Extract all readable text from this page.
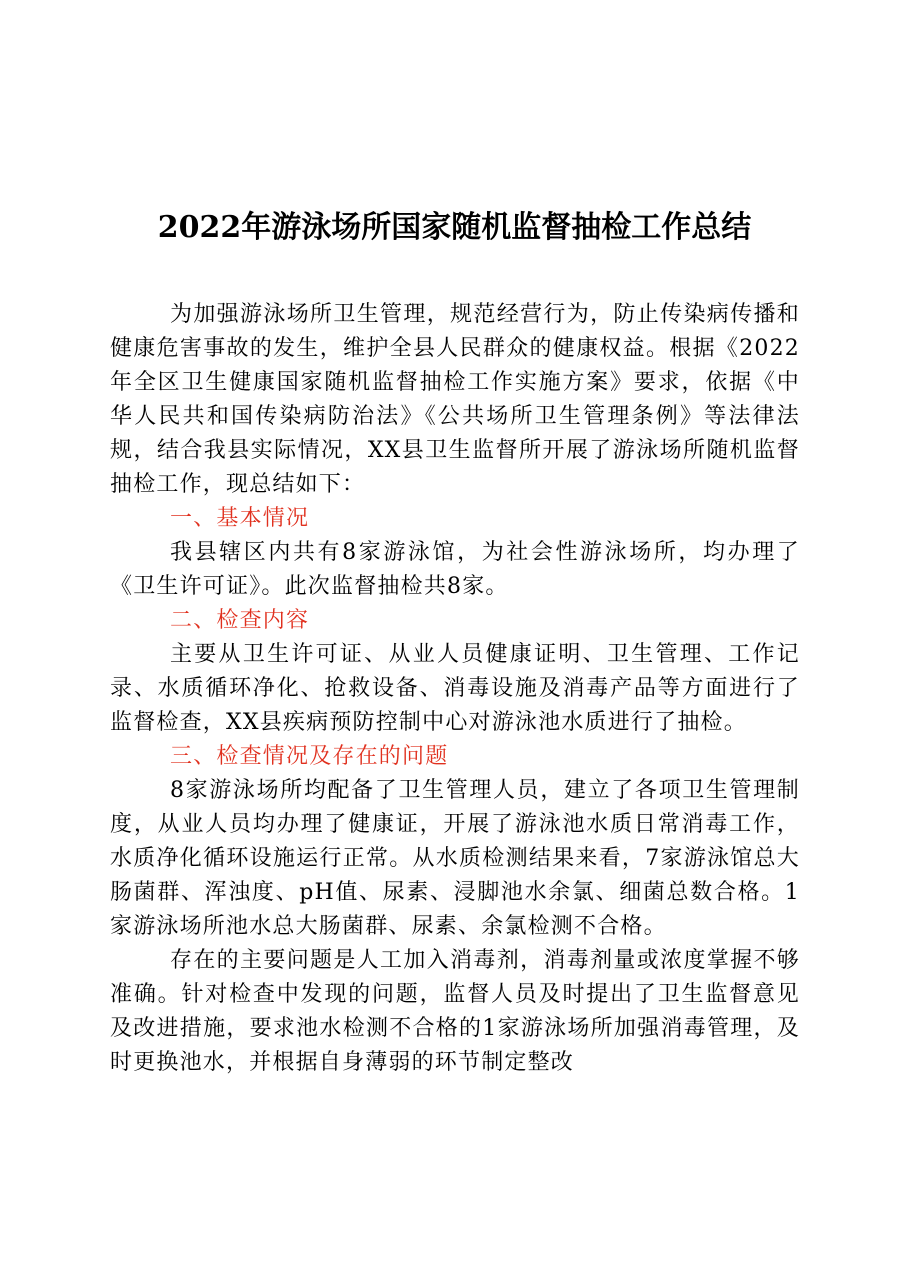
2022年游泳场所国家随机监督抽检工作总结

为加强游泳场所卫生管理，规范经营行为，防止传染病传播和健康危害事故的发生，维护全县人民群众的健康权益。根据《2022年全区卫生健康国家随机监督抽检工作实施方案》要求，依据《中华人民共和国传染病防治法》《公共场所卫生管理条例》等法律法规，结合我县实际情况，XX县卫生监督所开展了游泳场所随机监督抽检工作，现总结如下：

一、基本情况

我县辖区内共有8家游泳馆，为社会性游泳场所，均办理了《卫生许可证》。此次监督抽检共8家。

二、检查内容

主要从卫生许可证、从业人员健康证明、卫生管理、工作记录、水质循环净化、抢救设备、消毒设施及消毒产品等方面进行了监督检查，XX县疾病预防控制中心对游泳池水质进行了抽检。

三、检查情况及存在的问题

8家游泳场所均配备了卫生管理人员，建立了各项卫生管理制度，从业人员均办理了健康证，开展了游泳池水质日常消毒工作，水质净化循环设施运行正常。从水质检测结果来看，7家游泳馆总大肠菌群、浑浊度、pH值、尿素、浸脚池水余氯、细菌总数合格。1家游泳场所池水总大肠菌群、尿素、余氯检测不合格。

存在的主要问题是人工加入消毒剂，消毒剂量或浓度掌握不够准确。针对检查中发现的问题，监督人员及时提出了卫生监督意见及改进措施，要求池水检测不合格的1家游泳场所加强消毒管理，及时更换池水，并根据自身薄弱的环节制定整改
